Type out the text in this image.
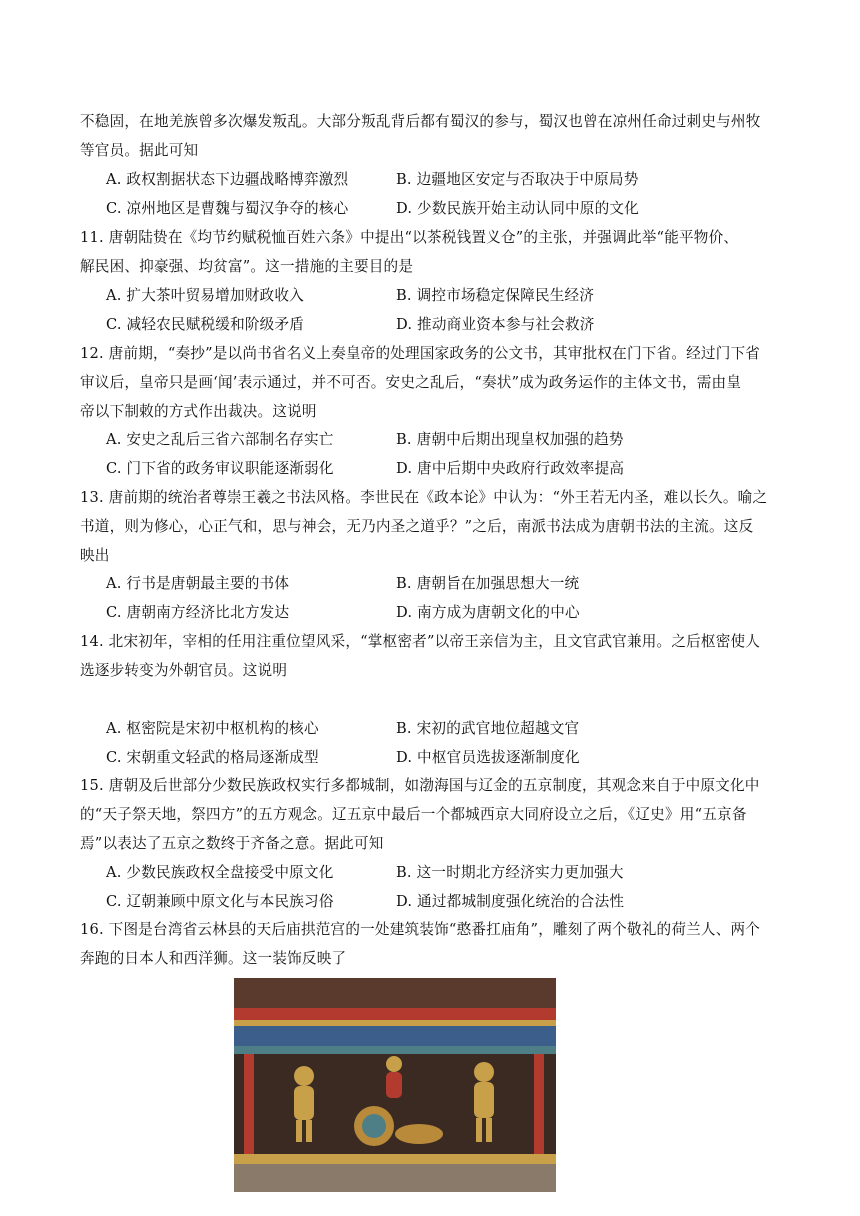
不稳固，在地羌族曾多次爆发叛乱。大部分叛乱背后都有蜀汉的参与，蜀汉也曾在凉州任命过刺史与州牧
等官员。据此可知
A. 政权割据状态下边疆战略博弈激烈	B. 边疆地区安定与否取决于中原局势
C. 凉州地区是曹魏与蜀汉争夺的核心	D. 少数民族开始主动认同中原的文化
11. 唐朝陆贽在《均节约赋税恤百姓六条》中提出“以茶税钱置义仓”的主张，并强调此举“能平物价、
解民困、抑豪强、均贫富”。这一措施的主要目的是
A. 扩大茶叶贸易增加财政收入	B. 调控市场稳定保障民生经济
C. 减轻农民赋税缓和阶级矛盾	D. 推动商业资本参与社会救济
12. 唐前期，“奏抄”是以尚书省名义上奏皇帝的处理国家政务的公文书，其审批权在门下省。经过门下省
审议后，皇帝只是画‘闻’表示通过，并不可否。安史之乱后，“奏状”成为政务运作的主体文书，需由皇
帝以下制敕的方式作出裁决。这说明
A. 安史之乱后三省六部制名存实亡	B. 唐朝中后期出现皇权加强的趋势
C. 门下省的政务审议职能逐渐弱化	D. 唐中后期中央政府行政效率提高
13. 唐前期的统治者尊崇王羲之书法风格。李世民在《政本论》中认为：“外王若无内圣，难以长久。喻之
书道，则为修心，心正气和，思与神会，无乃内圣之道乎？”之后，南派书法成为唐朝书法的主流。这反
映出
A. 行书是唐朝最主要的书体	B. 唐朝旨在加强思想大一统
C. 唐朝南方经济比北方发达	D. 南方成为唐朝文化的中心
14. 北宋初年，宰相的任用注重位望风采，“掌枢密者”以帝王亲信为主，且文官武官兼用。之后枢密使人
选逐步转变为外朝官员。这说明
A. 枢密院是宋初中枢机构的核心	B. 宋初的武官地位超越文官
C. 宋朝重文轻武的格局逐渐成型	D. 中枢官员选拔逐渐制度化
15. 唐朝及后世部分少数民族政权实行多都城制，如渤海国与辽金的五京制度，其观念来自于中原文化中
的“天子祭天地，祭四方”的五方观念。辽五京中最后一个都城西京大同府设立之后，《辽史》用“五京备
焉”以表达了五京之数终于齐备之意。据此可知
A. 少数民族政权全盘接受中原文化	B. 这一时期北方经济实力更加强大
C. 辽朝兼顾中原文化与本民族习俗	D. 通过都城制度强化统治的合法性
16. 下图是台湾省云林县的天后庙拱范宫的一处建筑装饰“憨番扛庙角”，雕刻了两个敬礼的荷兰人、两个
奔跑的日本人和西洋狮。这一装饰反映了
